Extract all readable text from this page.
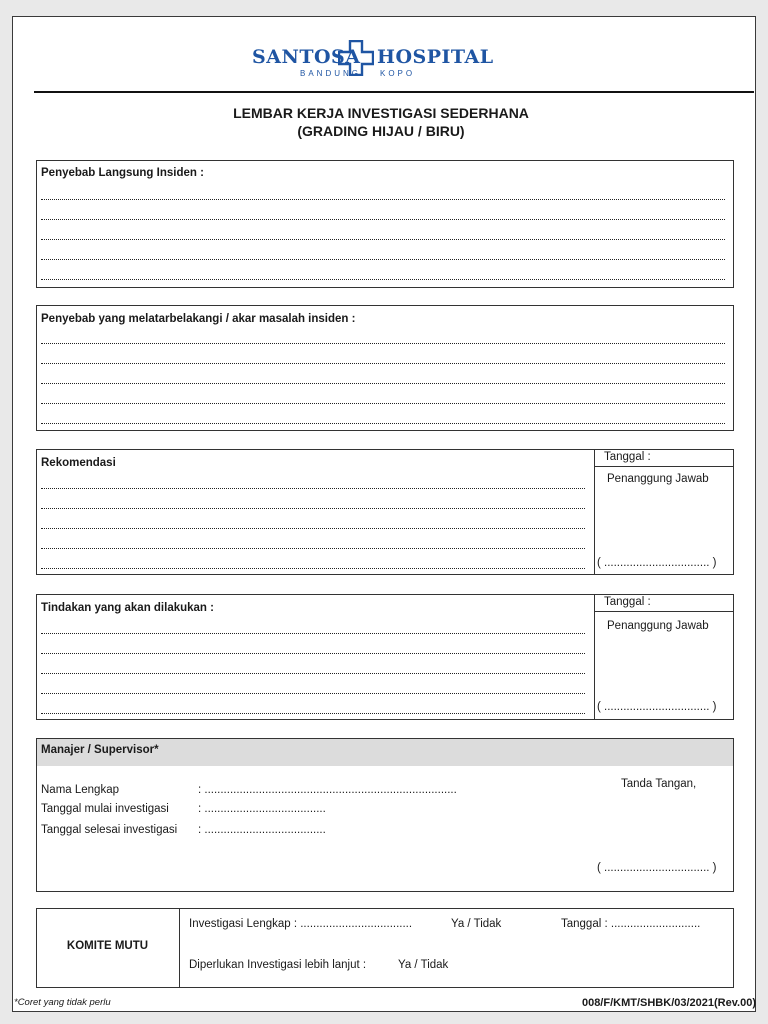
SANTOSA HOSPITAL
BANDUNG KOPO
LEMBAR KERJA INVESTIGASI SEDERHANA
(GRADING HIJAU / BIRU)
Penyebab Langsung Insiden :
Penyebab yang melatarbelakangi / akar masalah insiden :
Rekomendasi	Tanggal :
Penanggung Jawab
( ................................. )
Tindakan yang akan dilakukan :	Tanggal :
Penanggung Jawab
( ................................. )
Manajer / Supervisor*
Nama Lengkap	: ...............................................................................
Tanggal mulai investigasi	: ......................................
Tanggal selesai investigasi : ......................................
Tanda Tangan,
( ................................. )
KOMITE MUTU
Investigasi Lengkap : ...................................	Ya / Tidak	Tanggal : ............................
Diperlukan Investigasi lebih lanjut :	Ya / Tidak
*Coret yang tidak perlu	008/F/KMT/SHBK/03/2021(Rev.00)
